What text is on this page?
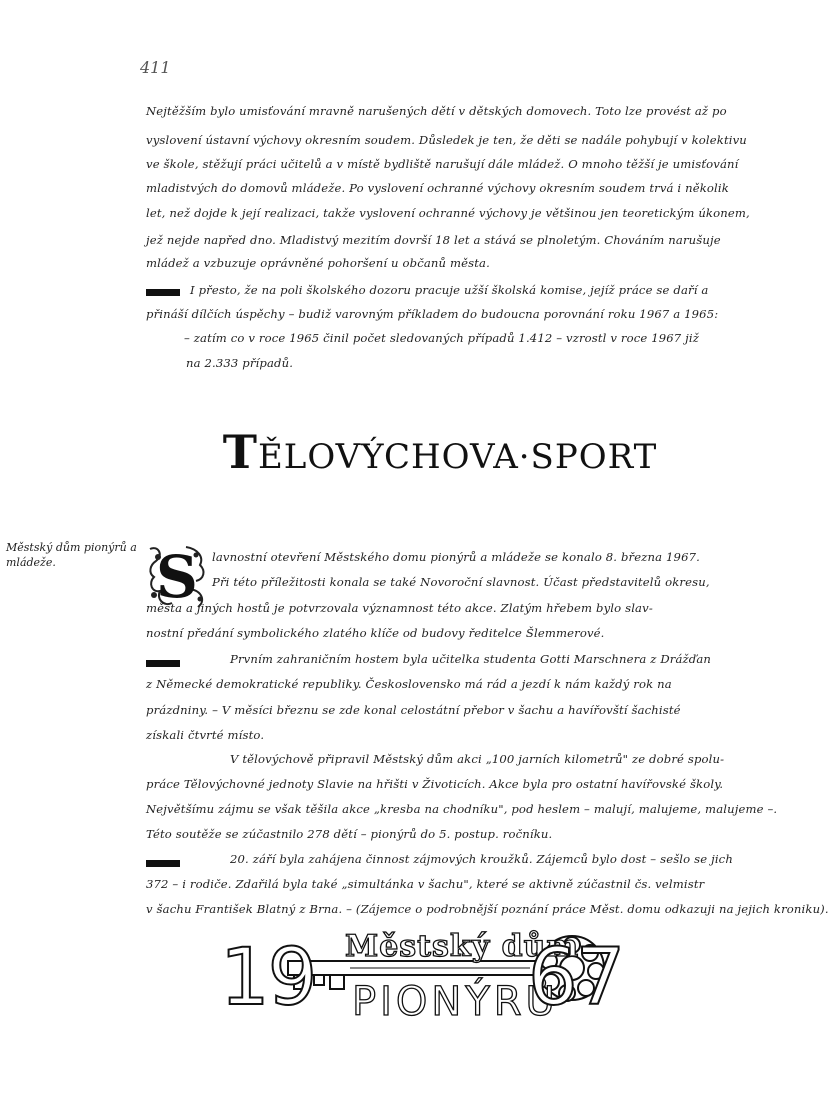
411
Nejtěžším bylo umisťování mravně narušených dětí v dětských domovech. Toto lze provést až po
vyslovení ústavní výchovy okresním soudem. Důsledek je ten, že děti se nadále pohybují v kolektivu
ve škole, stěžují práci učitelů a v místě bydliště narušují dále mládež. O mnoho těžší je umisťování
mladistvých do domovů mládeže. Po vyslovení ochranné výchovy okresním soudem trvá i několik
let, než dojde k její realizaci, takže vyslovení ochranné výchovy je většinou jen teoretickým úkonem,
jež nejde napřed dno. Mladistvý mezitím dovrší 18 let a stává se plnoletým. Chováním narušuje
mládež a vzbuzuje oprávněné pohoršení u občanů města.
I přesto, že na poli školského dozoru pracuje užší školská komise, jejíž práce se daří a
přináší dílčích úspěchy – budiž varovným příkladem do budoucna porovnání roku 1967 a 1965:
– zatím co v roce 1965 činil počet sledovaných případů 1.412 – vzrostl v roce 1967 již
na 2.333 případů.
TĚLOVÝCHOVA·SPORT
Městský dům pionýrů a mládeže.	S lavnostní otevření Městského domu pionýrů a mládeže se konalo 8. března 1967.
Při této příležitosti konala se také Novoroční slavnost. Účast představitelů okresu,
města a jiných hostů je potvrzovala významnost této akce. Zlatým hřebem bylo slav-
nostní předání symbolického zlatého klíče od budovy ředitelce Šlemmerové.
Prvním zahraničním hostem byla učitelka studenta Gotti Marschnera z Drážďan
z Německé demokratické republiky. Československo má rád a jezdí k nám každý rok na
prázdniny. – V měsíci březnu se zde konal celostátní přebor v šachu a havířovští šachisté
získali čtvrté místo.
V tělovýchově připravil Městský dům akci „100 jarních kilometrů" ze dobré spolu-
práce Tělovýchovné jednoty Slavie na hřišti v Životicích. Akce byla pro ostatní havířovské školy.
Největšímu zájmu se však těšila akce „kresba na chodníku", pod heslem – malují, malujeme, malujeme –.
Této soutěže se zúčastnilo 278 dětí – pionýrů do 5. postup. ročníku.
20. září byla zahájena činnost zájmových kroužků. Zájemců bylo dost – sešlo se jich
372 – i rodiče. Zdařilá byla také „simultánka v šachu", které se aktivně zúčastnil čs. velmistr
v šachu František Blatný z Brna. – (Zájemce o podrobnější poznání práce Měst. domu odkazuji na jejich kroniku).
19 Městský dům
PIONÝRŮ
67
